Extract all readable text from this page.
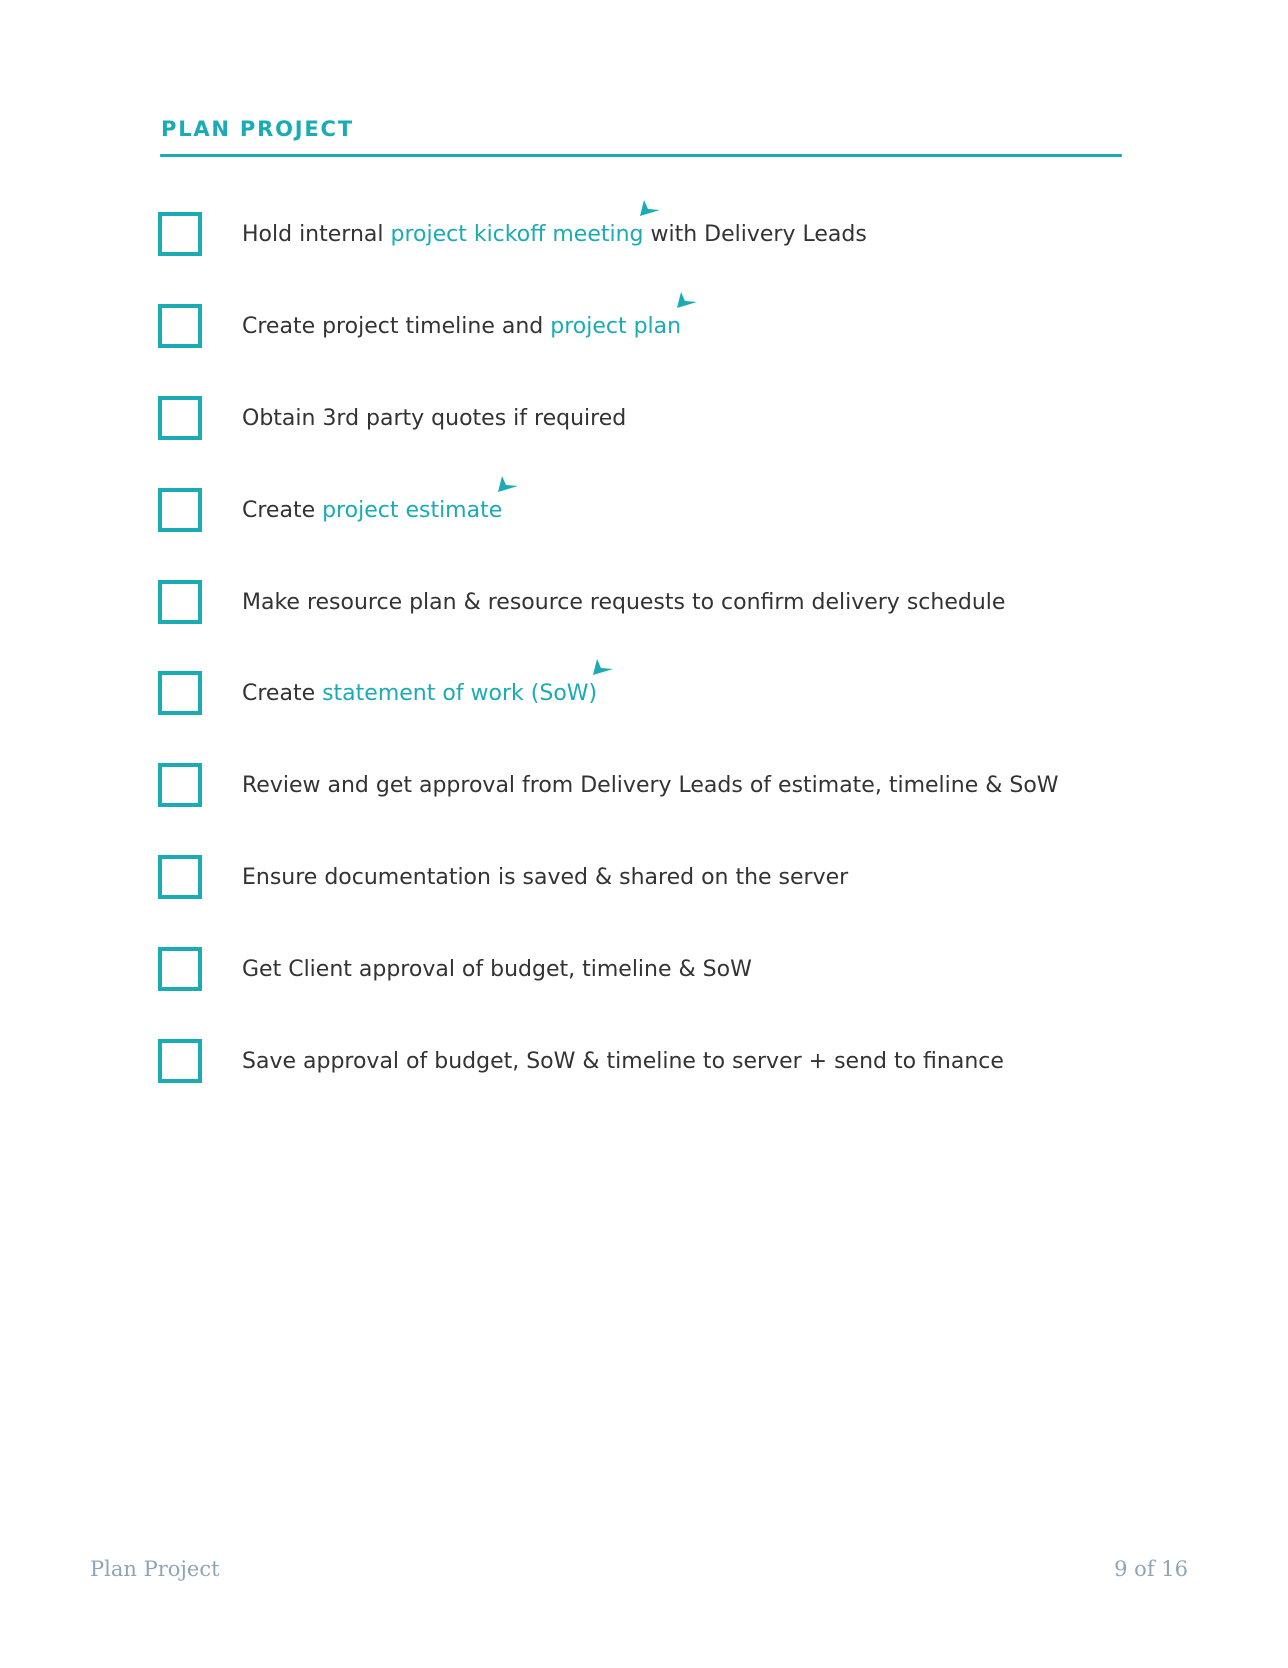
PLAN PROJECT
Hold internal project kickoff meeting
with Delivery Leads
Create project timeline and project plan
Obtain 3rd party quotes if required
Create project estimate
Make resource plan & resource requests to confirm delivery schedule
Create statement of work (SoW)
Review and get approval from Delivery Leads of estimate, timeline & SoW
Ensure documentation is saved & shared on the server
Get Client approval of budget, timeline & SoW
Save approval of budget, SoW & timeline to server + send to finance
Plan Project	9 of 16
